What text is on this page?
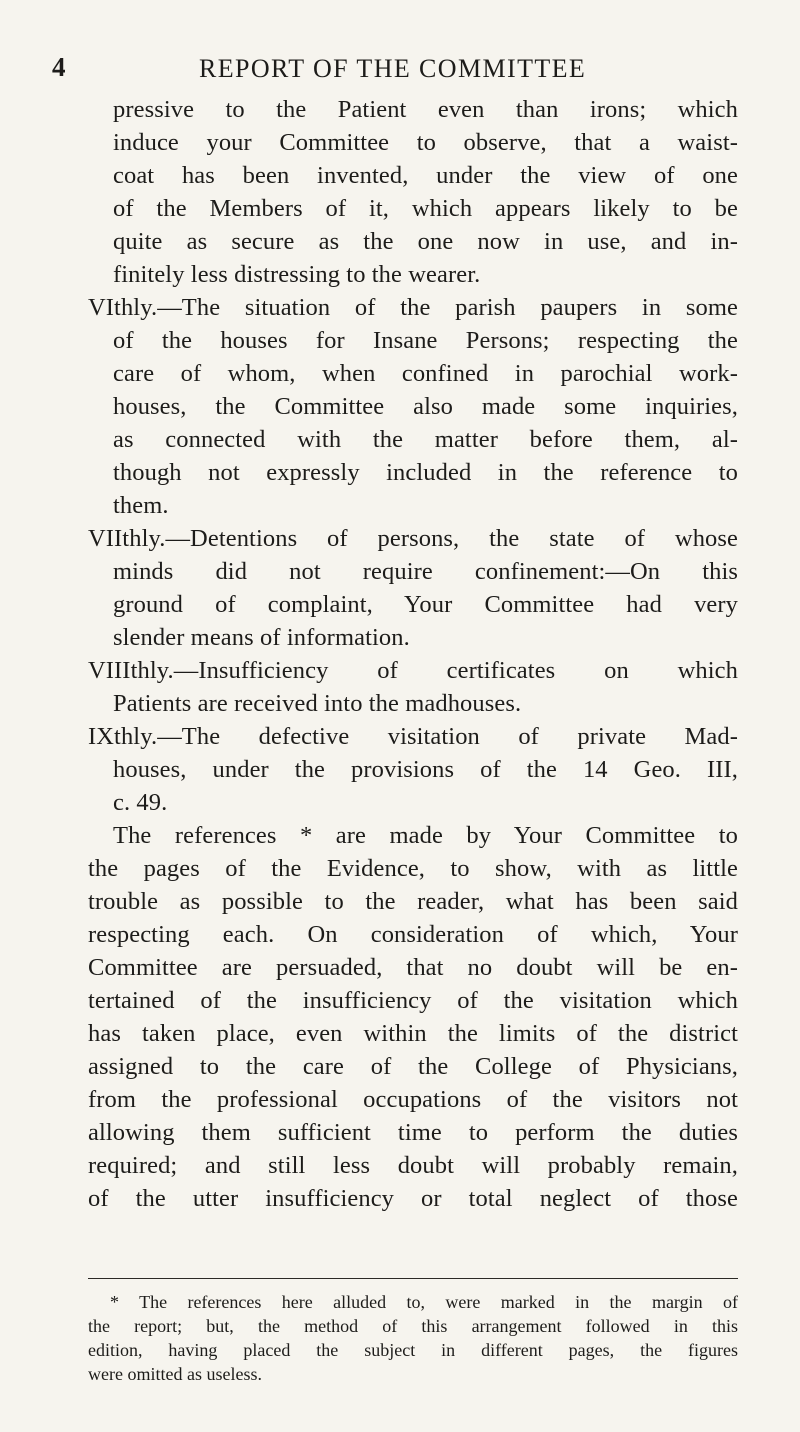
4	REPORT OF THE COMMITTEE
pressive to the Patient even than irons; which
induce your Committee to observe, that a waist-
coat has been invented, under the view of one
of the Members of it, which appears likely to be
quite as secure as the one now in use, and in-
finitely less distressing to the wearer.
VIthly.—The situation of the parish paupers in some
of the houses for Insane Persons; respecting the
care of whom, when confined in parochial work-
houses, the Committee also made some inquiries,
as connected with the matter before them, al-
though not expressly included in the reference to
them.
VIIthly.—Detentions of persons, the state of whose
minds did not require confinement:—On this
ground of complaint, Your Committee had very
slender means of information.
VIIIthly.—Insufficiency of certificates on which
Patients are received into the madhouses.
IXthly.—The defective visitation of private Mad-
houses, under the provisions of the 14 Geo. III,
c. 49.
The references * are made by Your Committee to
the pages of the Evidence, to show, with as little
trouble as possible to the reader, what has been said
respecting each. On consideration of which, Your
Committee are persuaded, that no doubt will be en-
tertained of the insufficiency of the visitation which
has taken place, even within the limits of the district
assigned to the care of the College of Physicians,
from the professional occupations of the visitors not
allowing them sufficient time to perform the duties
required; and still less doubt will probably remain,
of the utter insufficiency or total neglect of those
* The references here alluded to, were marked in the margin of
the report; but, the method of this arrangement followed in this
edition, having placed the subject in different pages, the figures
were omitted as useless.
